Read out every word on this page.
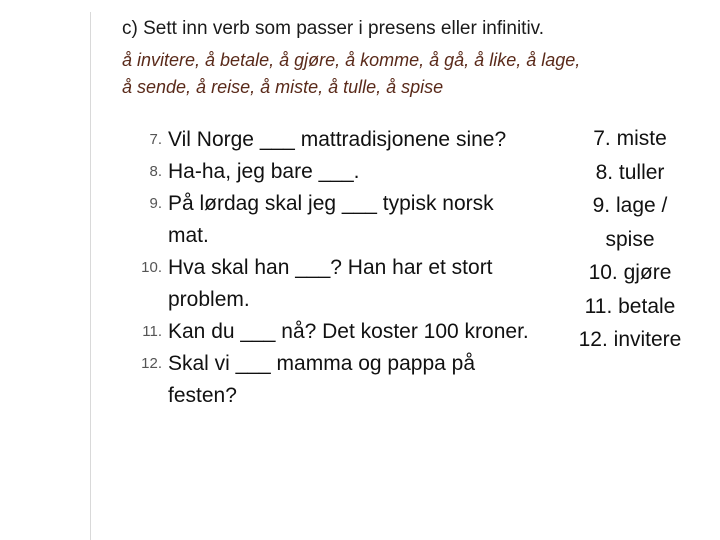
c) Sett inn verb som passer i presens eller infinitiv.
å invitere, å betale, å gjøre, å komme, å gå, å like, å lage,
å sende, å reise, å miste, å tulle, å spise
7. Vil Norge ___ mattradisjonene sine?
8. Ha-ha, jeg bare ___.
9. På lørdag skal jeg ___ typisk norsk mat.
10. Hva skal han ___? Han har et stort problem.
11. Kan du ___ nå? Det koster 100 kroner.
12. Skal vi ___ mamma og pappa på festen?
7. miste
8. tuller
9. lage /
spise
10. gjøre
11. betale
12. invitere
